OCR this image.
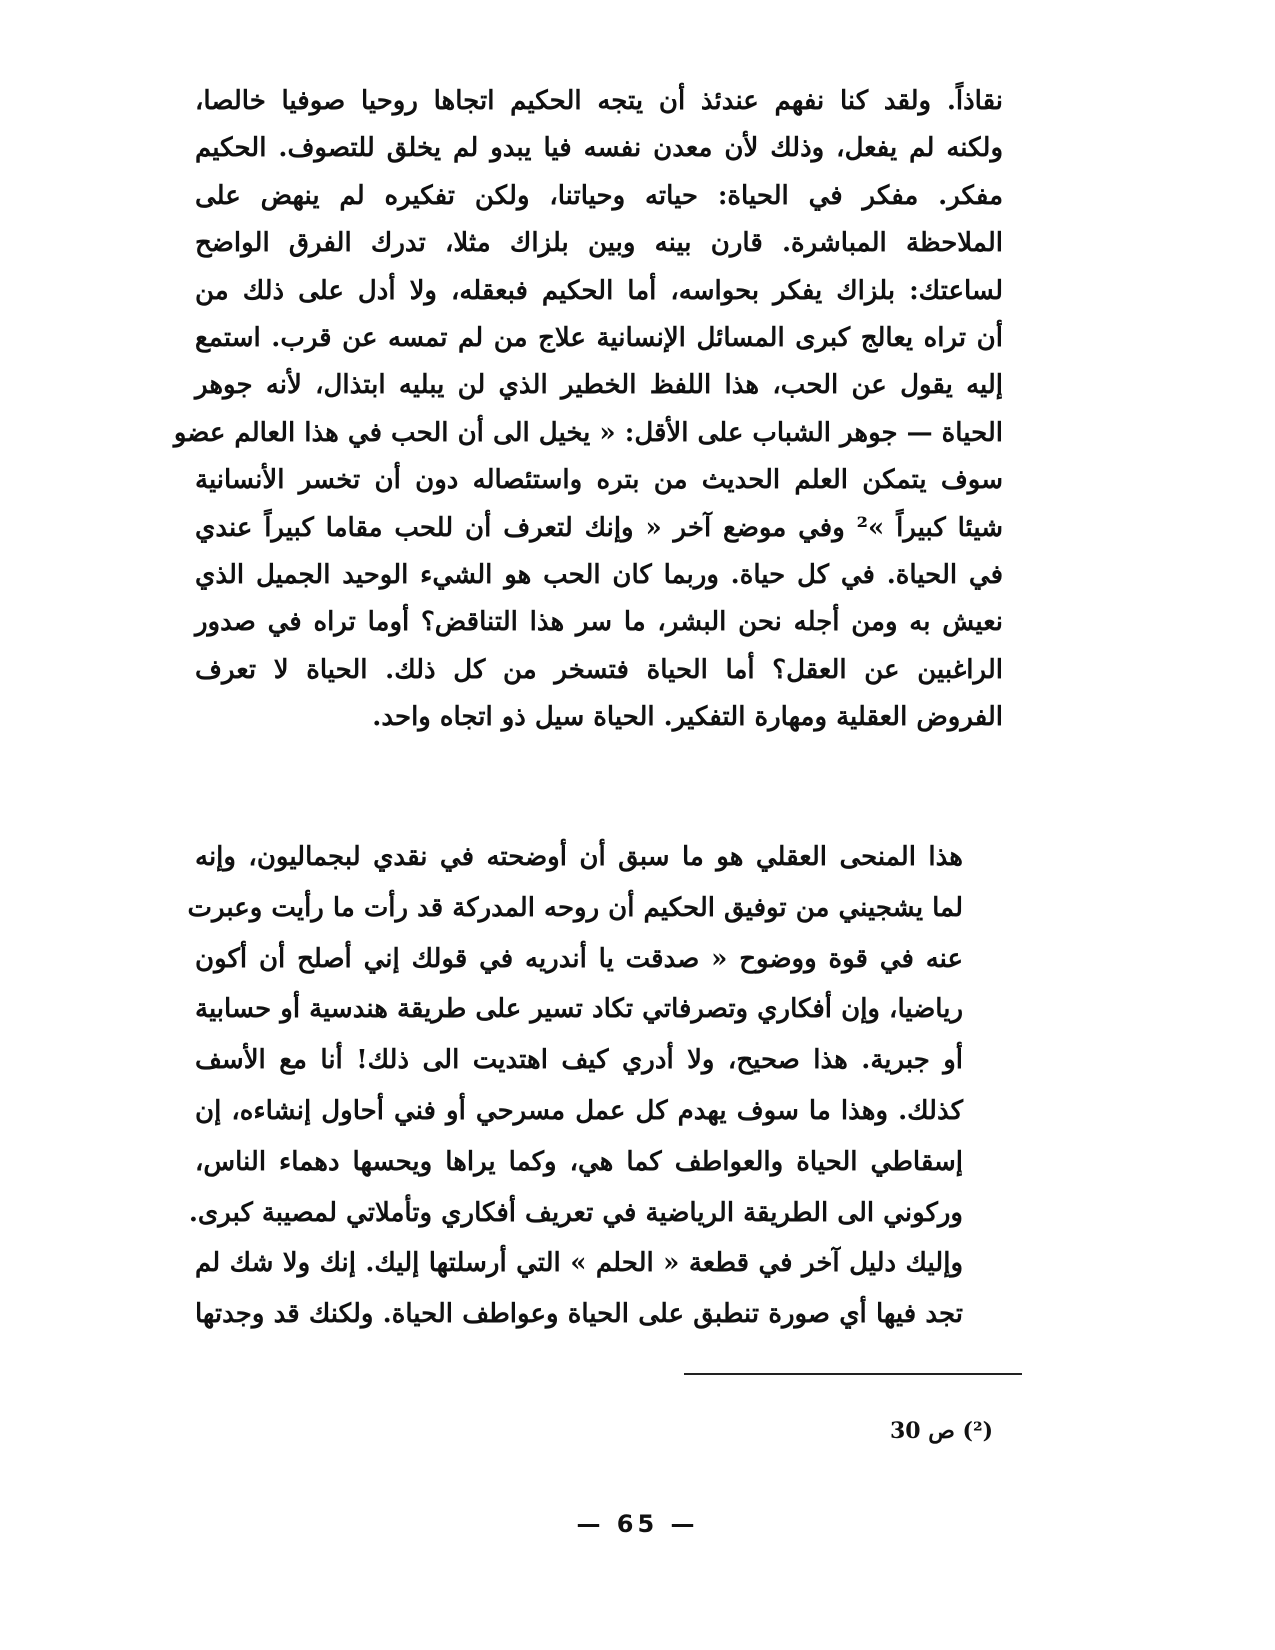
نقاذاً. ولقد كنا نفهم عندئذ أن يتجه الحكيم اتجاها روحيا صوفيا خالصا،
ولكنه لم يفعل، وذلك لأن معدن نفسه فيا يبدو لم يخلق للتصوف. الحكيم
مفكر. مفكر في الحياة: حياته وحياتنا، ولكن تفكيره لم ينهض على
الملاحظة المباشرة. قارن بينه وبين بلزاك مثلا، تدرك الفرق الواضح
لساعتك: بلزاك يفكر بحواسه، أما الحكيم فبعقله، ولا أدل على ذلك من
أن تراه يعالج كبرى المسائل الإنسانية علاج من لم تمسه عن قرب. استمع
إليه يقول عن الحب، هذا اللفظ الخطير الذي لن يبليه ابتذال، لأنه جوهر
الحياة — جوهر الشباب على الأقل: « يخيل الى أن الحب في هذا العالم عضو
سوف يتمكن العلم الحديث من بتره واستئصاله دون أن تخسر الأنسانية
شيئا كبيراً »² وفي موضع آخر « وإنك لتعرف أن للحب مقاما كبيراً عندي
في الحياة. في كل حياة. وربما كان الحب هو الشيء الوحيد الجميل الذي
نعيش به ومن أجله نحن البشر، ما سر هذا التناقض؟ أوما تراه في صدور
الراغبين عن العقل؟ أما الحياة فتسخر من كل ذلك. الحياة لا تعرف
الفروض العقلية ومهارة التفكير. الحياة سيل ذو اتجاه واحد.
هذا المنحى العقلي هو ما سبق أن أوضحته في نقدي لبجماليون، وإنه
لما يشجيني من توفيق الحكيم أن روحه المدركة قد رأت ما رأيت وعبرت
عنه في قوة ووضوح « صدقت يا أندريه في قولك إني أصلح أن أكون
رياضيا، وإن أفكاري وتصرفاتي تكاد تسير على طريقة هندسية أو حسابية
أو جبرية. هذا صحيح، ولا أدري كيف اهتديت الى ذلك! أنا مع الأسف
كذلك. وهذا ما سوف يهدم كل عمل مسرحي أو فني أحاول إنشاءه، إن
إسقاطي الحياة والعواطف كما هي، وكما يراها ويحسها دهماء الناس،
وركوني الى الطريقة الرياضية في تعريف أفكاري وتأملاتي لمصيبة كبرى.
وإليك دليل آخر في قطعة « الحلم » التي أرسلتها إليك. إنك ولا شك لم
تجد فيها أي صورة تنطبق على الحياة وعواطف الحياة. ولكنك قد وجدتها
(²) ص 30
— 65 —
